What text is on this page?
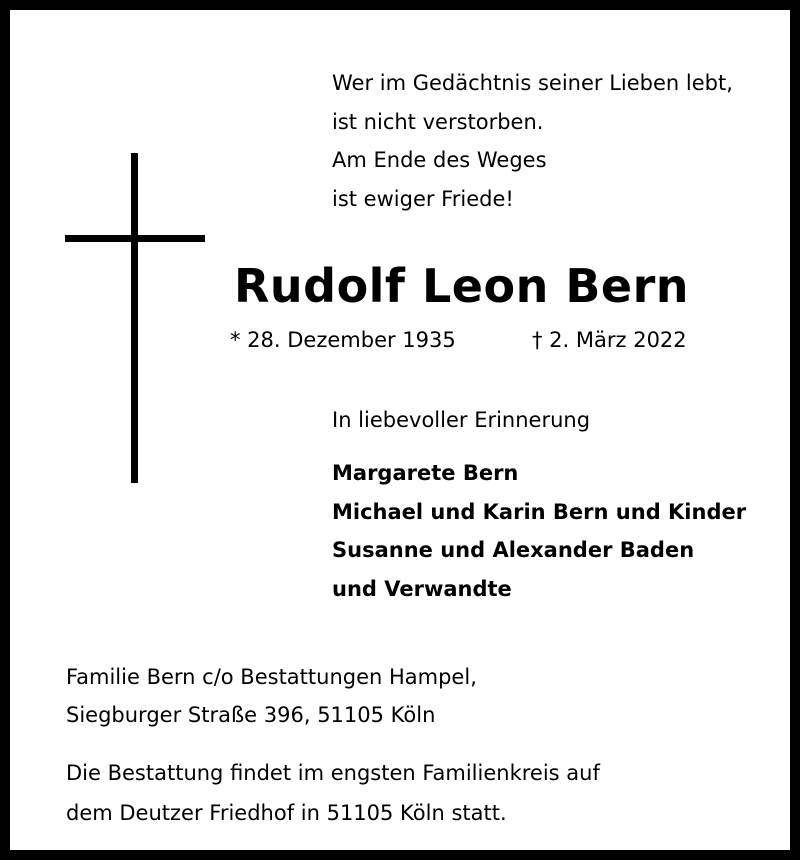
Wer im Gedächtnis seiner Lieben lebt,
ist nicht verstorben.
Am Ende des Weges
ist ewiger Friede!
Rudolf Leon Bern
* 28. Dezember 1935	† 2. März 2022
In liebevoller Erinnerung
Margarete Bern
Michael und Karin Bern und Kinder
Susanne und Alexander Baden
und Verwandte
Familie Bern c/o Bestattungen Hampel,
Siegburger Straße 396, 51105 Köln
Die Bestattung findet im engsten Familienkreis auf
dem Deutzer Friedhof in 51105 Köln statt.
